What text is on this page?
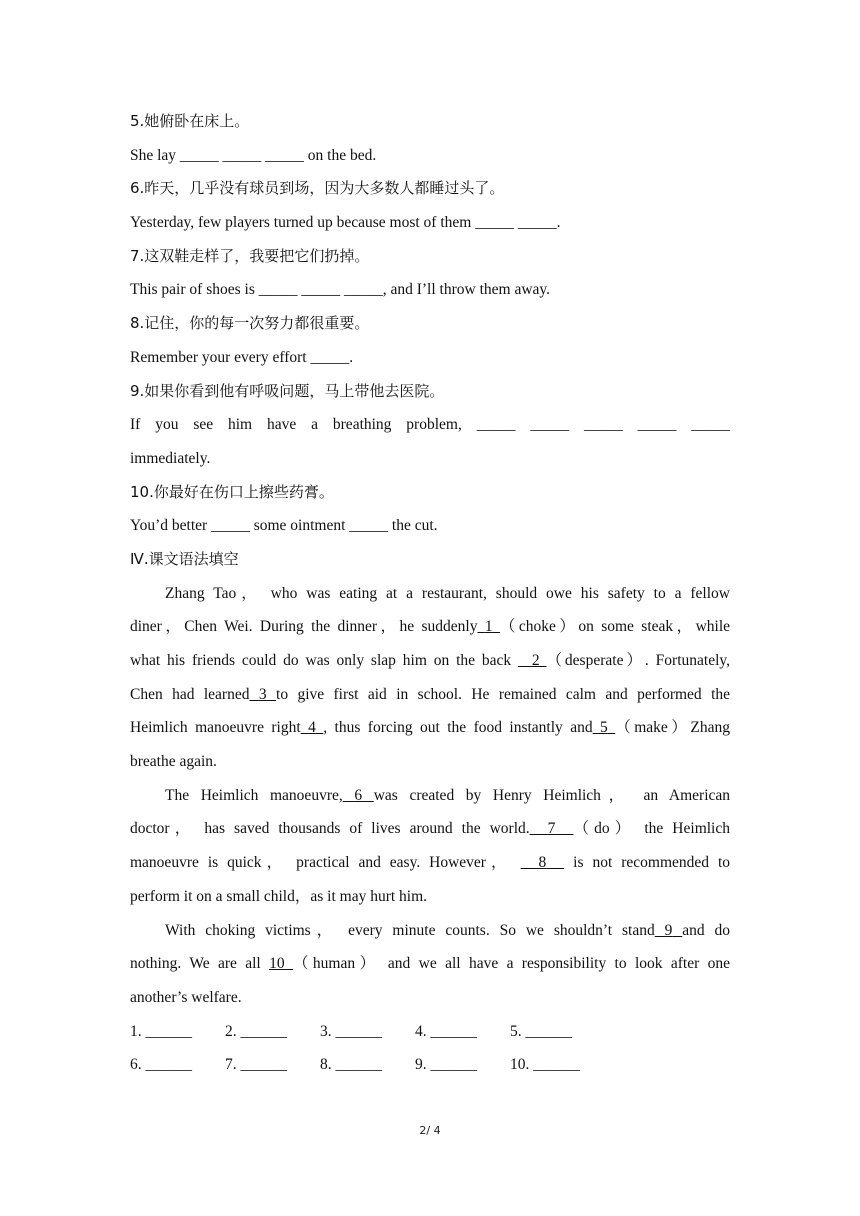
5.她俯卧在床上。
She lay _____ _____ _____ on the bed.
6.昨天，几乎没有球员到场，因为大多数人都睡过头了。
Yesterday, few players turned up because most of them _____ _____.
7.这双鞋走样了，我要把它们扔掉。
This pair of shoes is _____ _____ _____, and I’ll throw them away.
8.记住，你的每一次努力都很重要。
Remember your every effort _____.
9.如果你看到他有呼吸问题，马上带他去医院。
If you see him have a breathing problem, _____ _____ _____ _____ _____
immediately.
10.你最好在伤口上擦些药膏。
You’d better _____ some ointment _____ the cut.
Ⅳ.课文语法填空
Zhang Tao， who was eating at a restaurant, should owe his safety to a fellow
diner，Chen Wei. During the dinner，he suddenly 1 （choke）on some steak，while
what his friends could do was only slap him on the back 2 （desperate）. Fortunately,
Chen had learned 3 to give first aid in school. He remained calm and performed the
Heimlich manoeuvre right 4 , thus forcing out the food instantly and 5 （make）Zhang
breathe again.
The Heimlich manoeuvre, 6 was created by Henry Heimlich， an American
doctor， has saved thousands of lives around the world. 7 （do） the Heimlich
manoeuvre is quick， practical and easy. However， 8 is not recommended to
perform it on a small child，as it may hurt him.
With choking victims， every minute counts. So we shouldn’t stand 9 and do
nothing. We are all 10 （human） and we all have a responsibility to look after one
another’s welfare.
1. ______	2. ______	3. ______	4. ______	5. ______
6. ______	7. ______	8. ______	9. ______	10. ______
2/ 4
